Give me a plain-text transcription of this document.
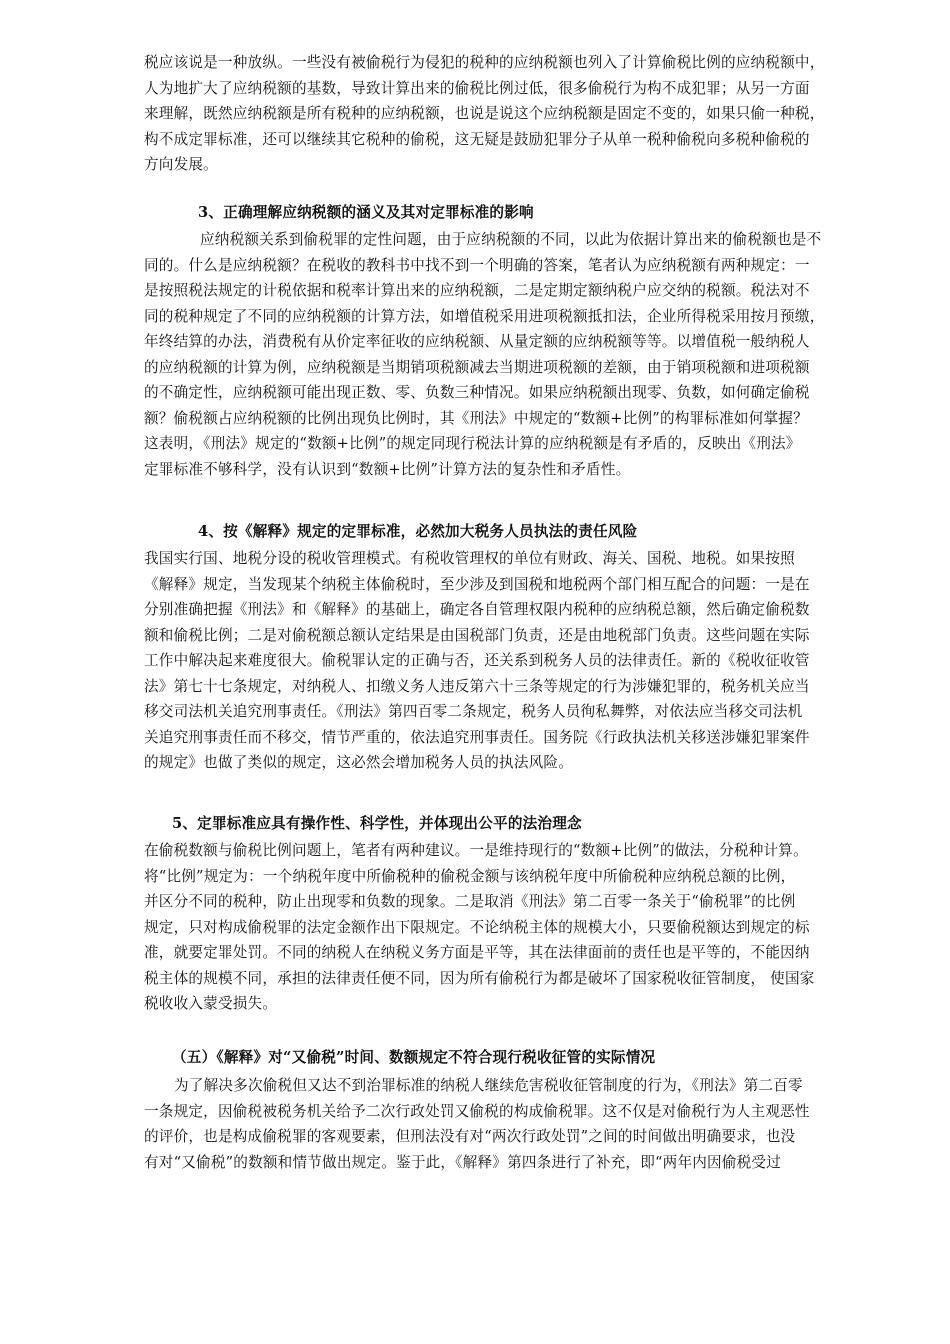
税应该说是一种放纵。一些没有被偷税行为侵犯的税种的应纳税额也列入了计算偷税比例的应纳税额中，
人为地扩大了应纳税额的基数，导致计算出来的偷税比例过低，很多偷税行为构不成犯罪；从另一方面
来理解，既然应纳税额是所有税种的应纳税额，也说是说这个应纳税额是固定不变的，如果只偷一种税，
构不成定罪标准，还可以继续其它税种的偷税，这无疑是鼓励犯罪分子从单一税种偷税向多税种偷税的
方向发展。
3、正确理解应纳税额的涵义及其对定罪标准的影响
应纳税额关系到偷税罪的定性问题，由于应纳税额的不同，以此为依据计算出来的偷税额也是不
同的。什么是应纳税额？在税收的教科书中找不到一个明确的答案，笔者认为应纳税额有两种规定：一
是按照税法规定的计税依据和税率计算出来的应纳税额，二是定期定额纳税户应交纳的税额。税法对不
同的税种规定了不同的应纳税额的计算方法，如增值税采用进项税额抵扣法，企业所得税采用按月预缴，
年终结算的办法，消费税有从价定率征收的应纳税额、从量定额的应纳税额等等。以增值税一般纳税人
的应纳税额的计算为例，应纳税额是当期销项税额减去当期进项税额的差额，由于销项税额和进项税额
的不确定性，应纳税额可能出现正数、零、负数三种情况。如果应纳税额出现零、负数，如何确定偷税
额？偷税额占应纳税额的比例出现负比例时，其《刑法》中规定的“数额+比例”的构罪标准如何掌握？
这表明，《刑法》规定的“数额+比例”的规定同现行税法计算的应纳税额是有矛盾的，反映出《刑法》
定罪标准不够科学，没有认识到“数额+比例”计算方法的复杂性和矛盾性。
4、按《解释》规定的定罪标准，必然加大税务人员执法的责任风险
我国实行国、地税分设的税收管理模式。有税收管理权的单位有财政、海关、国税、地税。如果按照
《解释》规定，当发现某个纳税主体偷税时，至少涉及到国税和地税两个部门相互配合的问题：一是在
分别准确把握《刑法》和《解释》的基础上，确定各自管理权限内税种的应纳税总额，然后确定偷税数
额和偷税比例；二是对偷税额总额认定结果是由国税部门负责，还是由地税部门负责。这些问题在实际
工作中解决起来难度很大。偷税罪认定的正确与否，还关系到税务人员的法律责任。新的《税收征收管
法》第七十七条规定，对纳税人、扣缴义务人违反第六十三条等规定的行为涉嫌犯罪的，税务机关应当
移交司法机关追究刑事责任。《刑法》第四百零二条规定，税务人员徇私舞弊，对依法应当移交司法机
关追究刑事责任而不移交，情节严重的，依法追究刑事责任。国务院《行政执法机关移送涉嫌犯罪案件
的规定》也做了类似的规定，这必然会增加税务人员的执法风险。
5、定罪标准应具有操作性、科学性，并体现出公平的法治理念
在偷税数额与偷税比例问题上，笔者有两种建议。一是维持现行的“数额+比例”的做法，分税种计算。
将“比例”规定为：一个纳税年度中所偷税种的偷税金额与该纳税年度中所偷税种应纳税总额的比例，
并区分不同的税种，防止出现零和负数的现象。二是取消《刑法》第二百零一条关于“偷税罪”的比例
规定，只对构成偷税罪的法定金额作出下限规定。不论纳税主体的规模大小，只要偷税额达到规定的标
准，就要定罪处罚。不同的纳税人在纳税义务方面是平等，其在法律面前的责任也是平等的，不能因纳
税主体的规模不同，承担的法律责任便不同，因为所有偷税行为都是破坏了国家税收征管制度， 使国家
税收收入蒙受损失。
（五）《解释》对“又偷税”时间、数额规定不符合现行税收征管的实际情况
为了解决多次偷税但又达不到治罪标准的纳税人继续危害税收征管制度的行为，《刑法》第二百零
一条规定，因偷税被税务机关给予二次行政处罚又偷税的构成偷税罪。这不仅是对偷税行为人主观恶性
的评价，也是构成偷税罪的客观要素，但刑法没有对“两次行政处罚”之间的时间做出明确要求，也没
有对“又偷税”的数额和情节做出规定。鉴于此，《解释》第四条进行了补充，即“两年内因偷税受过
